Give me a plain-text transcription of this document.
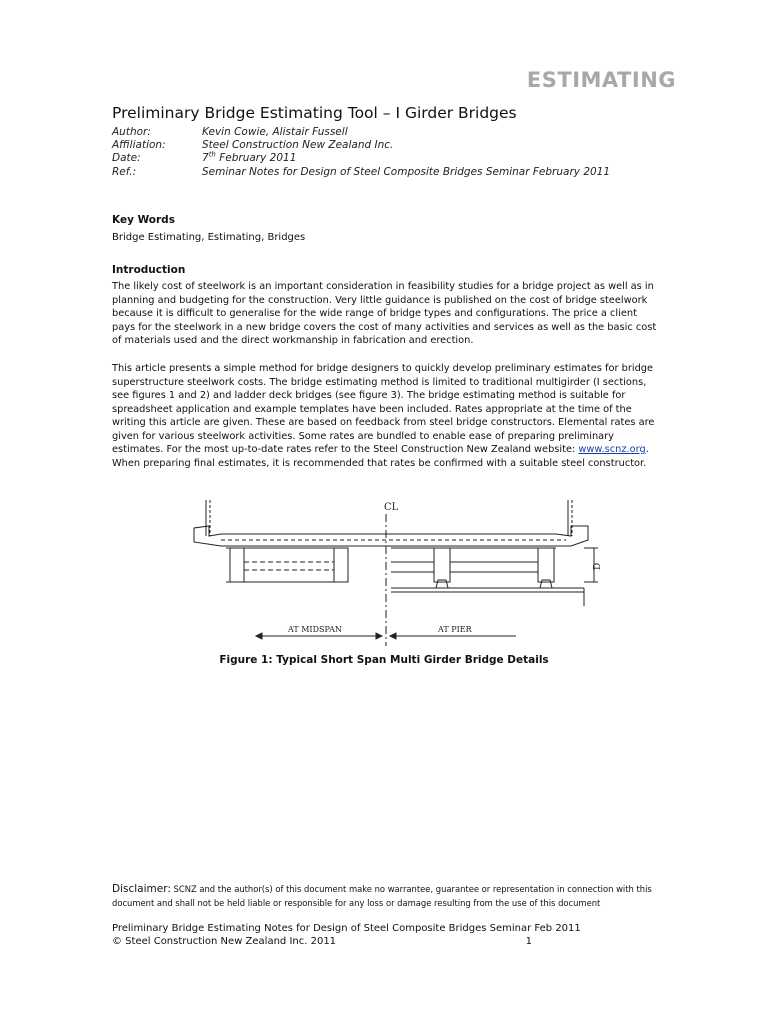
ESTIMATING
Preliminary Bridge Estimating Tool – I Girder Bridges
Author:	Kevin Cowie, Alistair Fussell
Affiliation:	Steel Construction New Zealand Inc.
Date:	7th February 2011
Ref.:	Seminar Notes for Design of Steel Composite Bridges Seminar February 2011
Key Words
Bridge Estimating, Estimating, Bridges
Introduction
The likely cost of steelwork is an important consideration in feasibility studies for a bridge project as well as in
planning and budgeting for the construction. Very little guidance is published on the cost of bridge steelwork
because it is difficult to generalise for the wide range of bridge types and configurations. The price a client
pays for the steelwork in a new bridge covers the cost of many activities and services as well as the basic cost
of materials used and the direct workmanship in fabrication and erection.
This article presents a simple method for bridge designers to quickly develop preliminary estimates for bridge
superstructure steelwork costs. The bridge estimating method is limited to traditional multigirder (I sections,
see figures 1 and 2) and ladder deck bridges (see figure 3). The bridge estimating method is suitable for
spreadsheet application and example templates have been included. Rates appropriate at the time of the
writing this article are given. These are based on feedback from steel bridge constructors. Elemental rates are
given for various steelwork activities. Some rates are bundled to enable ease of preparing preliminary
estimates. For the most up-to-date rates refer to the Steel Construction New Zealand website: www.scnz.org.
When preparing final estimates, it is recommended that rates be confirmed with a suitable steel constructor.
CL
D
AT MIDSPAN	AT PIER
Figure 1: Typical Short Span Multi Girder Bridge Details
Disclaimer: SCNZ and the author(s) of this document make no warrantee, guarantee or representation in connection with this
document and shall not be held liable or responsible for any loss or damage resulting from the use of this document
Preliminary Bridge Estimating Notes for Design of Steel Composite Bridges Seminar Feb 2011
© Steel Construction New Zealand Inc. 2011	1
